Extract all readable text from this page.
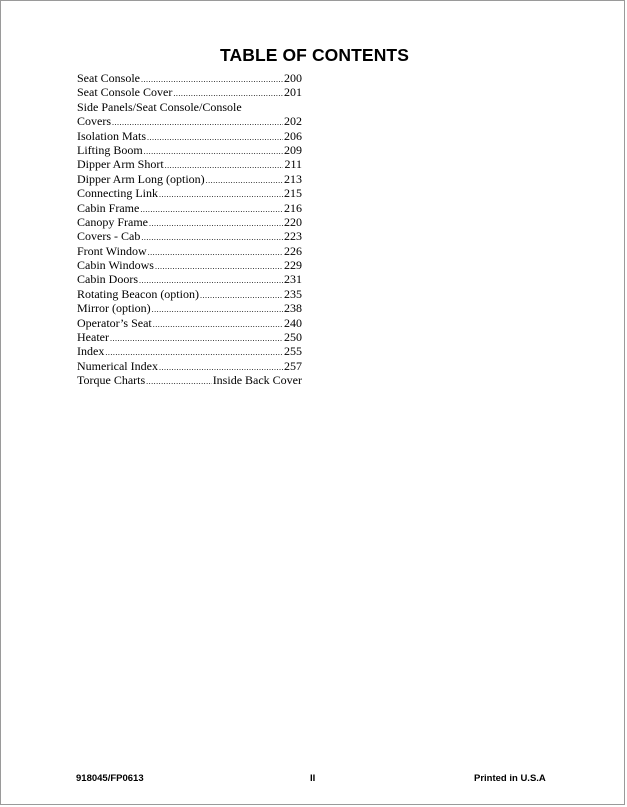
TABLE OF CONTENTS
Seat Console .....	200
Seat Console Cover .....	201
Side Panels/Seat Console/Console
Covers .....	202
Isolation Mats .....	206
Lifting Boom .....	209
Dipper Arm Short .....	211
Dipper Arm Long (option) .....	213
Connecting Link .....	215
Cabin Frame .....	216
Canopy Frame .....	220
Covers - Cab .....	223
Front Window .....	226
Cabin Windows .....	229
Cabin Doors .....	231
Rotating Beacon (option) .....	235
Mirror (option) .....	238
Operator’s Seat .....	240
Heater .....	250
Index .....	255
Numerical Index .....	257
Torque Charts .....	Inside Back Cover
918045/FP0613	II	Printed in U.S.A
